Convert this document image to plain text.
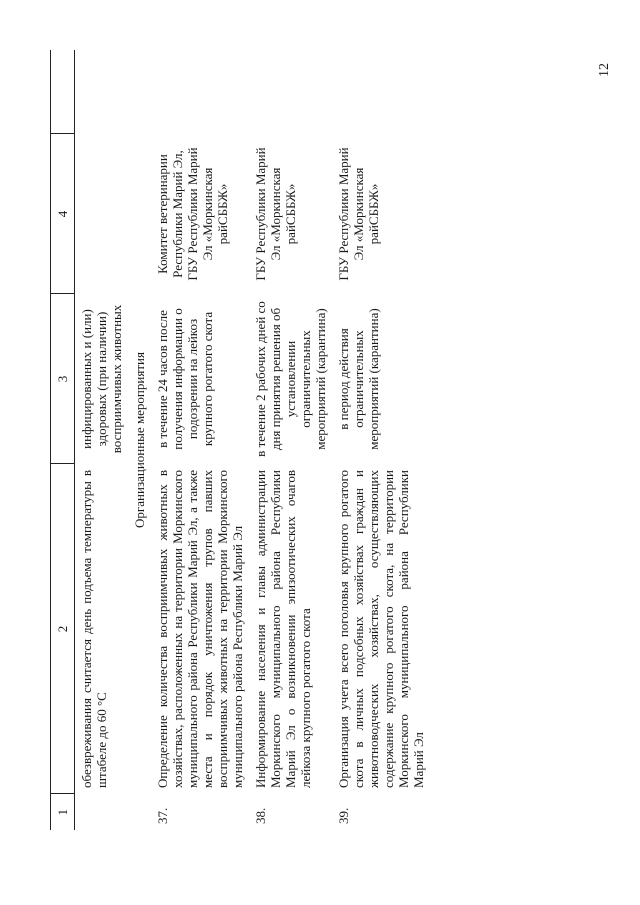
12
1	2	3	4	
	обезвреживания считается день подъема температуры в штабеле до 60 °С	инфицированных и (или) здоровых (при наличии) восприимчивых животных		
Организационные мероприятия				
37.	Определение количества восприимчивых животных в хозяйствах, расположенных на территории Моркинского муниципального района Республики Марий Эл, а также места и порядок уничтожения трупов павших восприимчивых животных на территории Моркинского муниципального района Республики Марий Эл	в течение 24 часов после получения информации о подозрении на лейкоз крупного рогатого скота	Комитет ветеринарии Республики Марий Эл, ГБУ Республики Марий Эл «Моркинская райСББЖ»	
38.	Информирование населения и главы администрации Моркинского муниципального района Республики Марий Эл о возникновении эпизоотических очагов лейкоза крупного рогатого скота	в течение 2 рабочих дней со дня принятия решения об установлении ограничительных мероприятий (карантина)	ГБУ Республики Марий Эл «Моркинская райСББЖ»	
39.	Организация учета всего поголовья крупного рогатого скота в личных подсобных хозяйствах граждан и животноводческих хозяйствах, осуществляющих содержание крупного рогатого скота, на территории Моркинского муниципального района Республики Марий Эл	в период действия ограничительных мероприятий (карантина)	ГБУ Республики Марий Эл «Моркинская райСББЖ»	
